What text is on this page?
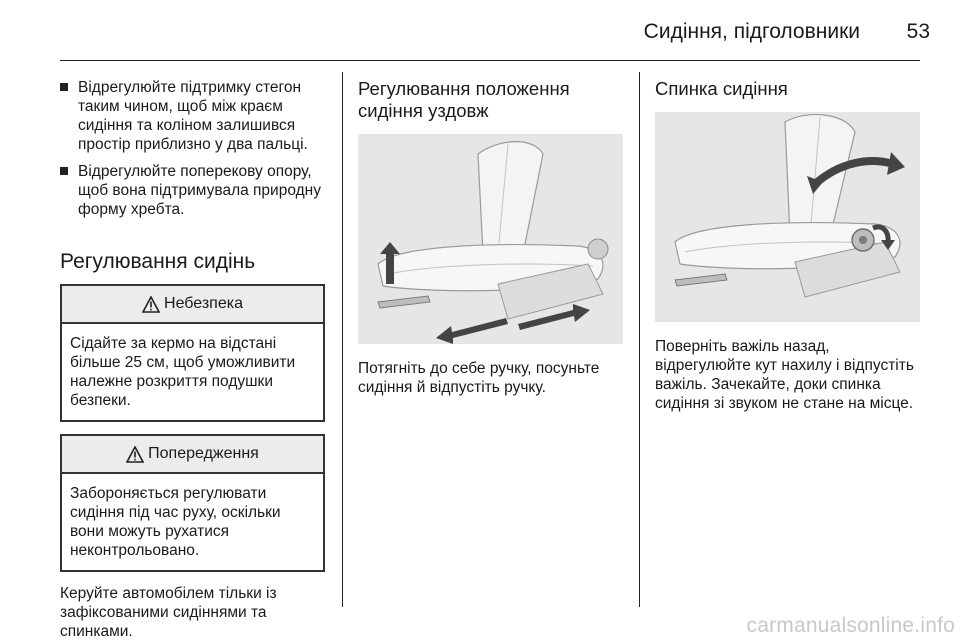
Сидіння, підголовники	53
Відрегулюйте підтримку стегон таким чином, щоб між краєм сидіння та коліном залишився простір приблизно у два пальці.
Відрегулюйте поперекову опору, щоб вона підтримувала природну форму хребта.
Регулювання сидінь
Небезпека
Сідайте за кермо на відстані більше 25 см, щоб уможливити належне розкриття подушки безпеки.
Попередження
Забороняється регулювати сидіння під час руху, оскільки вони можуть рухатися неконтрольовано.

Керуйте автомобілем тільки із зафіксованими сидіннями та спинками.

Регулювання положення сидіння уздовж

Потягніть до себе ручку, посуньте сидіння й відпустіть ручку.

Спинка сидіння

Поверніть важіль назад, відрегулюйте кут нахилу і відпустіть важіль. Зачекайте, доки спинка сидіння зі звуком не стане на місце.

carmanualsonline.info
